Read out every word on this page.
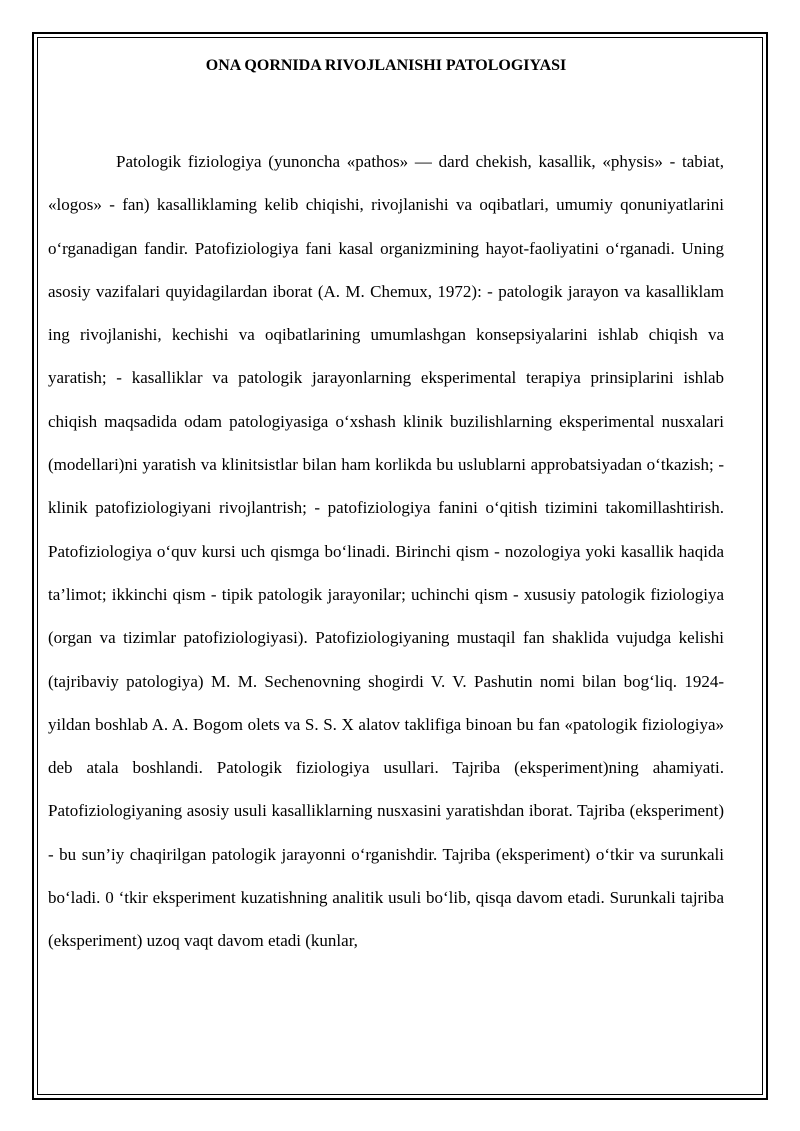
ONA QORNIDA RIVOJLANISHI PATOLOGIYASI

Patologik fiziologiya (yunoncha «pathos» — dard chekish, kasallik, «physis» - tabiat, «logos» - fan) kasalliklaming kelib chiqishi, rivojlanishi va oqibatlari, umumiy qonuniyatlarini o‘rganadigan fandir. Patofiziologiya fani kasal organizmining hayot-faoliyatini o‘rganadi. Uning asosiy vazifalari quyidagilardan iborat (A. M. Chemux, 1972): - patologik jarayon va kasalliklam ing rivojlanishi, kechishi va oqibatlarining umumlashgan konsepsiyalarini ishlab chiqish va yaratish; - kasalliklar va patologik jarayonlarning eksperimental terapiya prinsiplarini ishlab chiqish maqsadida odam patologiyasiga o‘xshash klinik buzilishlarning eksperimental nusxalari (modellari)ni yaratish va klinitsistlar bilan ham korlikda bu uslublarni approbatsiyadan o‘tkazish; - klinik patofiziologiyani rivojlantrish; - patofiziologiya fanini o‘qitish tizimini takomillashtirish. Patofiziologiya o‘quv kursi uch qismga bo‘linadi. Birinchi qism - nozologiya yoki kasallik haqida ta’limot; ikkinchi qism - tipik patologik jarayonilar; uchinchi qism - xususiy patologik fiziologiya (organ va tizimlar patofiziologiyasi). Patofiziologiyaning mustaqil fan shaklida vujudga kelishi (tajribaviy patologiya) M. M. Sechenovning shogirdi V. V. Pashutin nomi bilan bog‘liq. 1924-yildan boshlab A. A. Bogom olets va S. S. X alatov taklifiga binoan bu fan «patologik fiziologiya» deb atala boshlandi. Patologik fiziologiya usullari. Tajriba (eksperiment)ning ahamiyati. Patofiziologiyaning asosiy usuli kasalliklarning nusxasini yaratishdan iborat. Tajriba (eksperiment) - bu sun’iy chaqirilgan patologik jarayonni o‘rganishdir. Tajriba (eksperiment) o‘tkir va surunkali bo‘ladi. 0 ‘tkir eksperiment kuzatishning analitik usuli bo‘lib, qisqa davom etadi. Surunkali tajriba (eksperiment) uzoq vaqt davom etadi (kunlar,
